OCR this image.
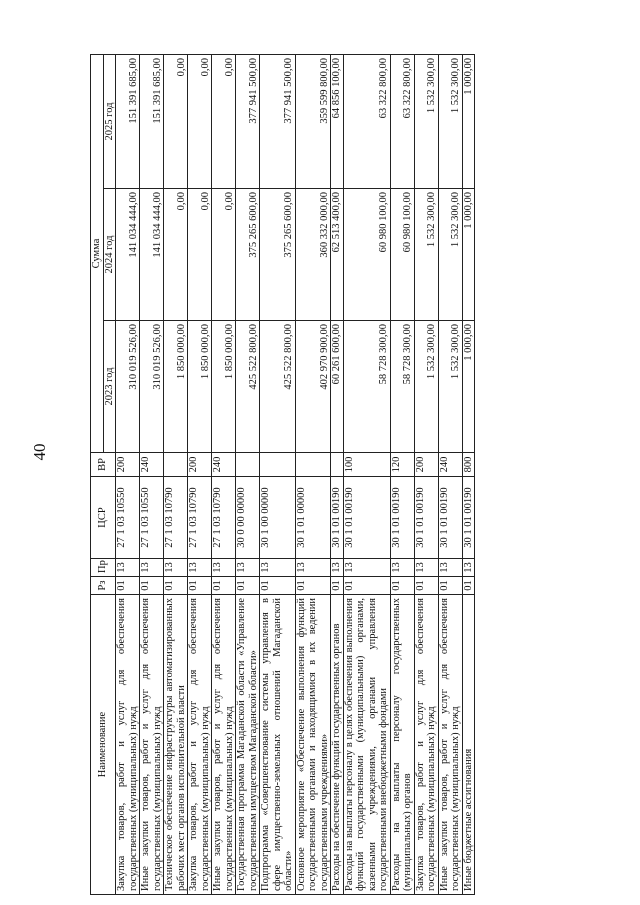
40
Наименование	Рз	Пр	ЦСР	ВР	Сумма		
					2023 год	2024 год	2025 год
Закупка товаров, работ и услуг для обеспечения государственных (муниципальных) нужд	01	13	27 1 03 10550	200	310 019 526,00	141 034 444,00	151 391 685,00
Иные закупки товаров, работ и услуг для обеспечения государственных (муниципальных) нужд	01	13	27 1 03 10550	240	310 019 526,00	141 034 444,00	151 391 685,00
Техническое обеспечение инфраструктуры автоматизированных рабочих мест органов исполнительной власти	01	13	27 1 03 10790		1 850 000,00	0,00	0,00
Закупка товаров, работ и услуг для обеспечения государственных (муниципальных) нужд	01	13	27 1 03 10790	200	1 850 000,00	0,00	0,00
Иные закупки товаров, работ и услуг для обеспечения государственных (муниципальных) нужд	01	13	27 1 03 10790	240	1 850 000,00	0,00	0,00
Государственная программа Магаданской области «Управление государственным имуществом Магаданской области»	01	13	30 0 00 00000		425 522 800,00	375 265 600,00	377 941 500,00
Подпрограмма «Совершенствование системы управления в сфере имущественно-земельных отношений Магаданской области»	01	13	30 1 00 00000		425 522 800,00	375 265 600,00	377 941 500,00
Основное мероприятие «Обеспечение выполнения функций государственными органами и находящимися в их ведении государственными учреждениями»	01	13	30 1 01 00000		402 970 900,00	360 332 000,00	359 599 800,00
Расходы на обеспечение функций государственных органов	01	13	30 1 01 00190		60 261 600,00	62 513 400,00	64 856 100,00
Расходы на выплаты персоналу в целях обеспечения выполнения функций государственными (муниципальными) органами, казенными учреждениями, органами управления государственными внебюджетными фондами	01	13	30 1 01 00190	100	58 728 300,00	60 980 100,00	63 322 800,00
Расходы на выплаты персоналу государственных (муниципальных) органов	01	13	30 1 01 00190	120	58 728 300,00	60 980 100,00	63 322 800,00
Закупка товаров, работ и услуг для обеспечения государственных (муниципальных) нужд	01	13	30 1 01 00190	200	1 532 300,00	1 532 300,00	1 532 300,00
Иные закупки товаров, работ и услуг для обеспечения государственных (муниципальных) нужд	01	13	30 1 01 00190	240	1 532 300,00	1 532 300,00	1 532 300,00
Иные бюджетные ассигнования	01	13	30 1 01 00190	800	1 000,00	1 000,00	1 000,00
